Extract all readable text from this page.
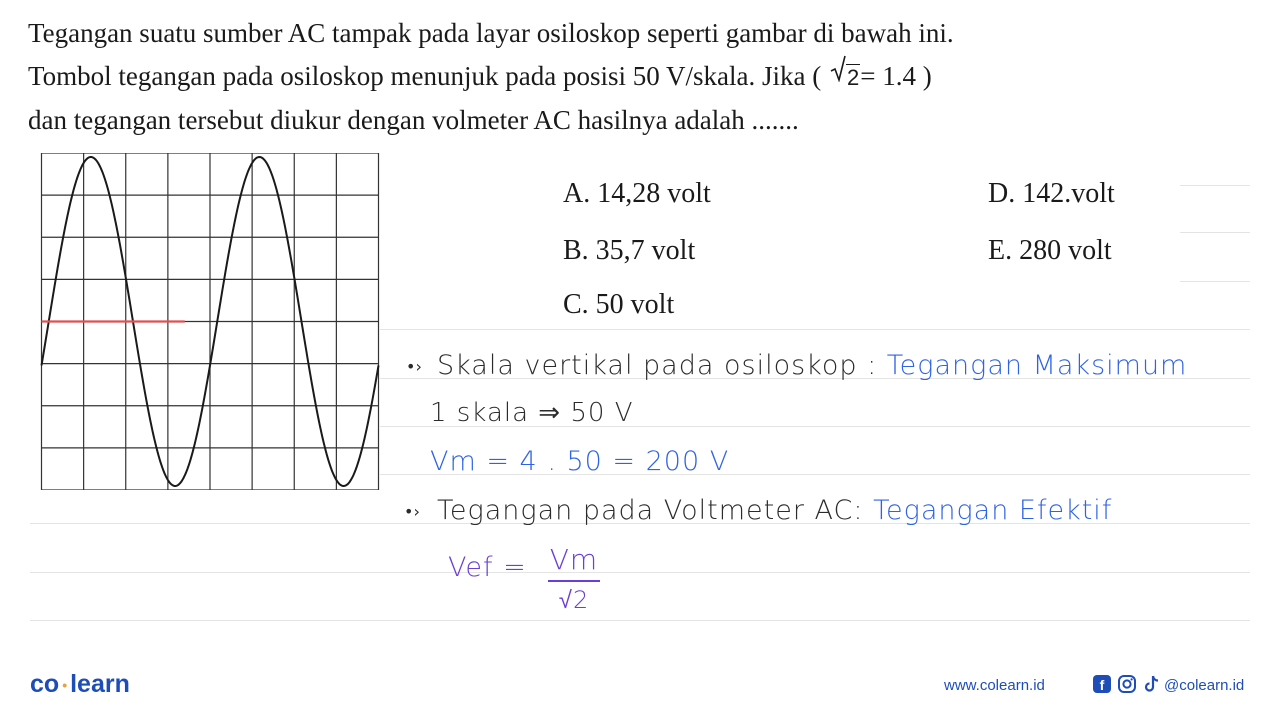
Tegangan suatu sumber AC tampak pada layar osiloskop seperti gambar di bawah ini.
Tombol tegangan pada osiloskop menunjuk pada posisi 50 V/skala. Jika (
2= 1.4 )
dan tegangan tersebut diukur dengan volmeter AC hasilnya adalah .......
A. 14,28 volt	D. 142.volt
B. 35,7 volt	E. 280 volt
C. 50 volt
•› Skala vertikal pada osiloskop : Tegangan Maksimum
1 skala ⇒ 50 V
Vm = 4 . 50 = 200 V
•› Tegangan pada Voltmeter AC: Tegangan Efektif
Vef = Vm
√2
co • learn	www.colearn.id	f	@colearn.id
